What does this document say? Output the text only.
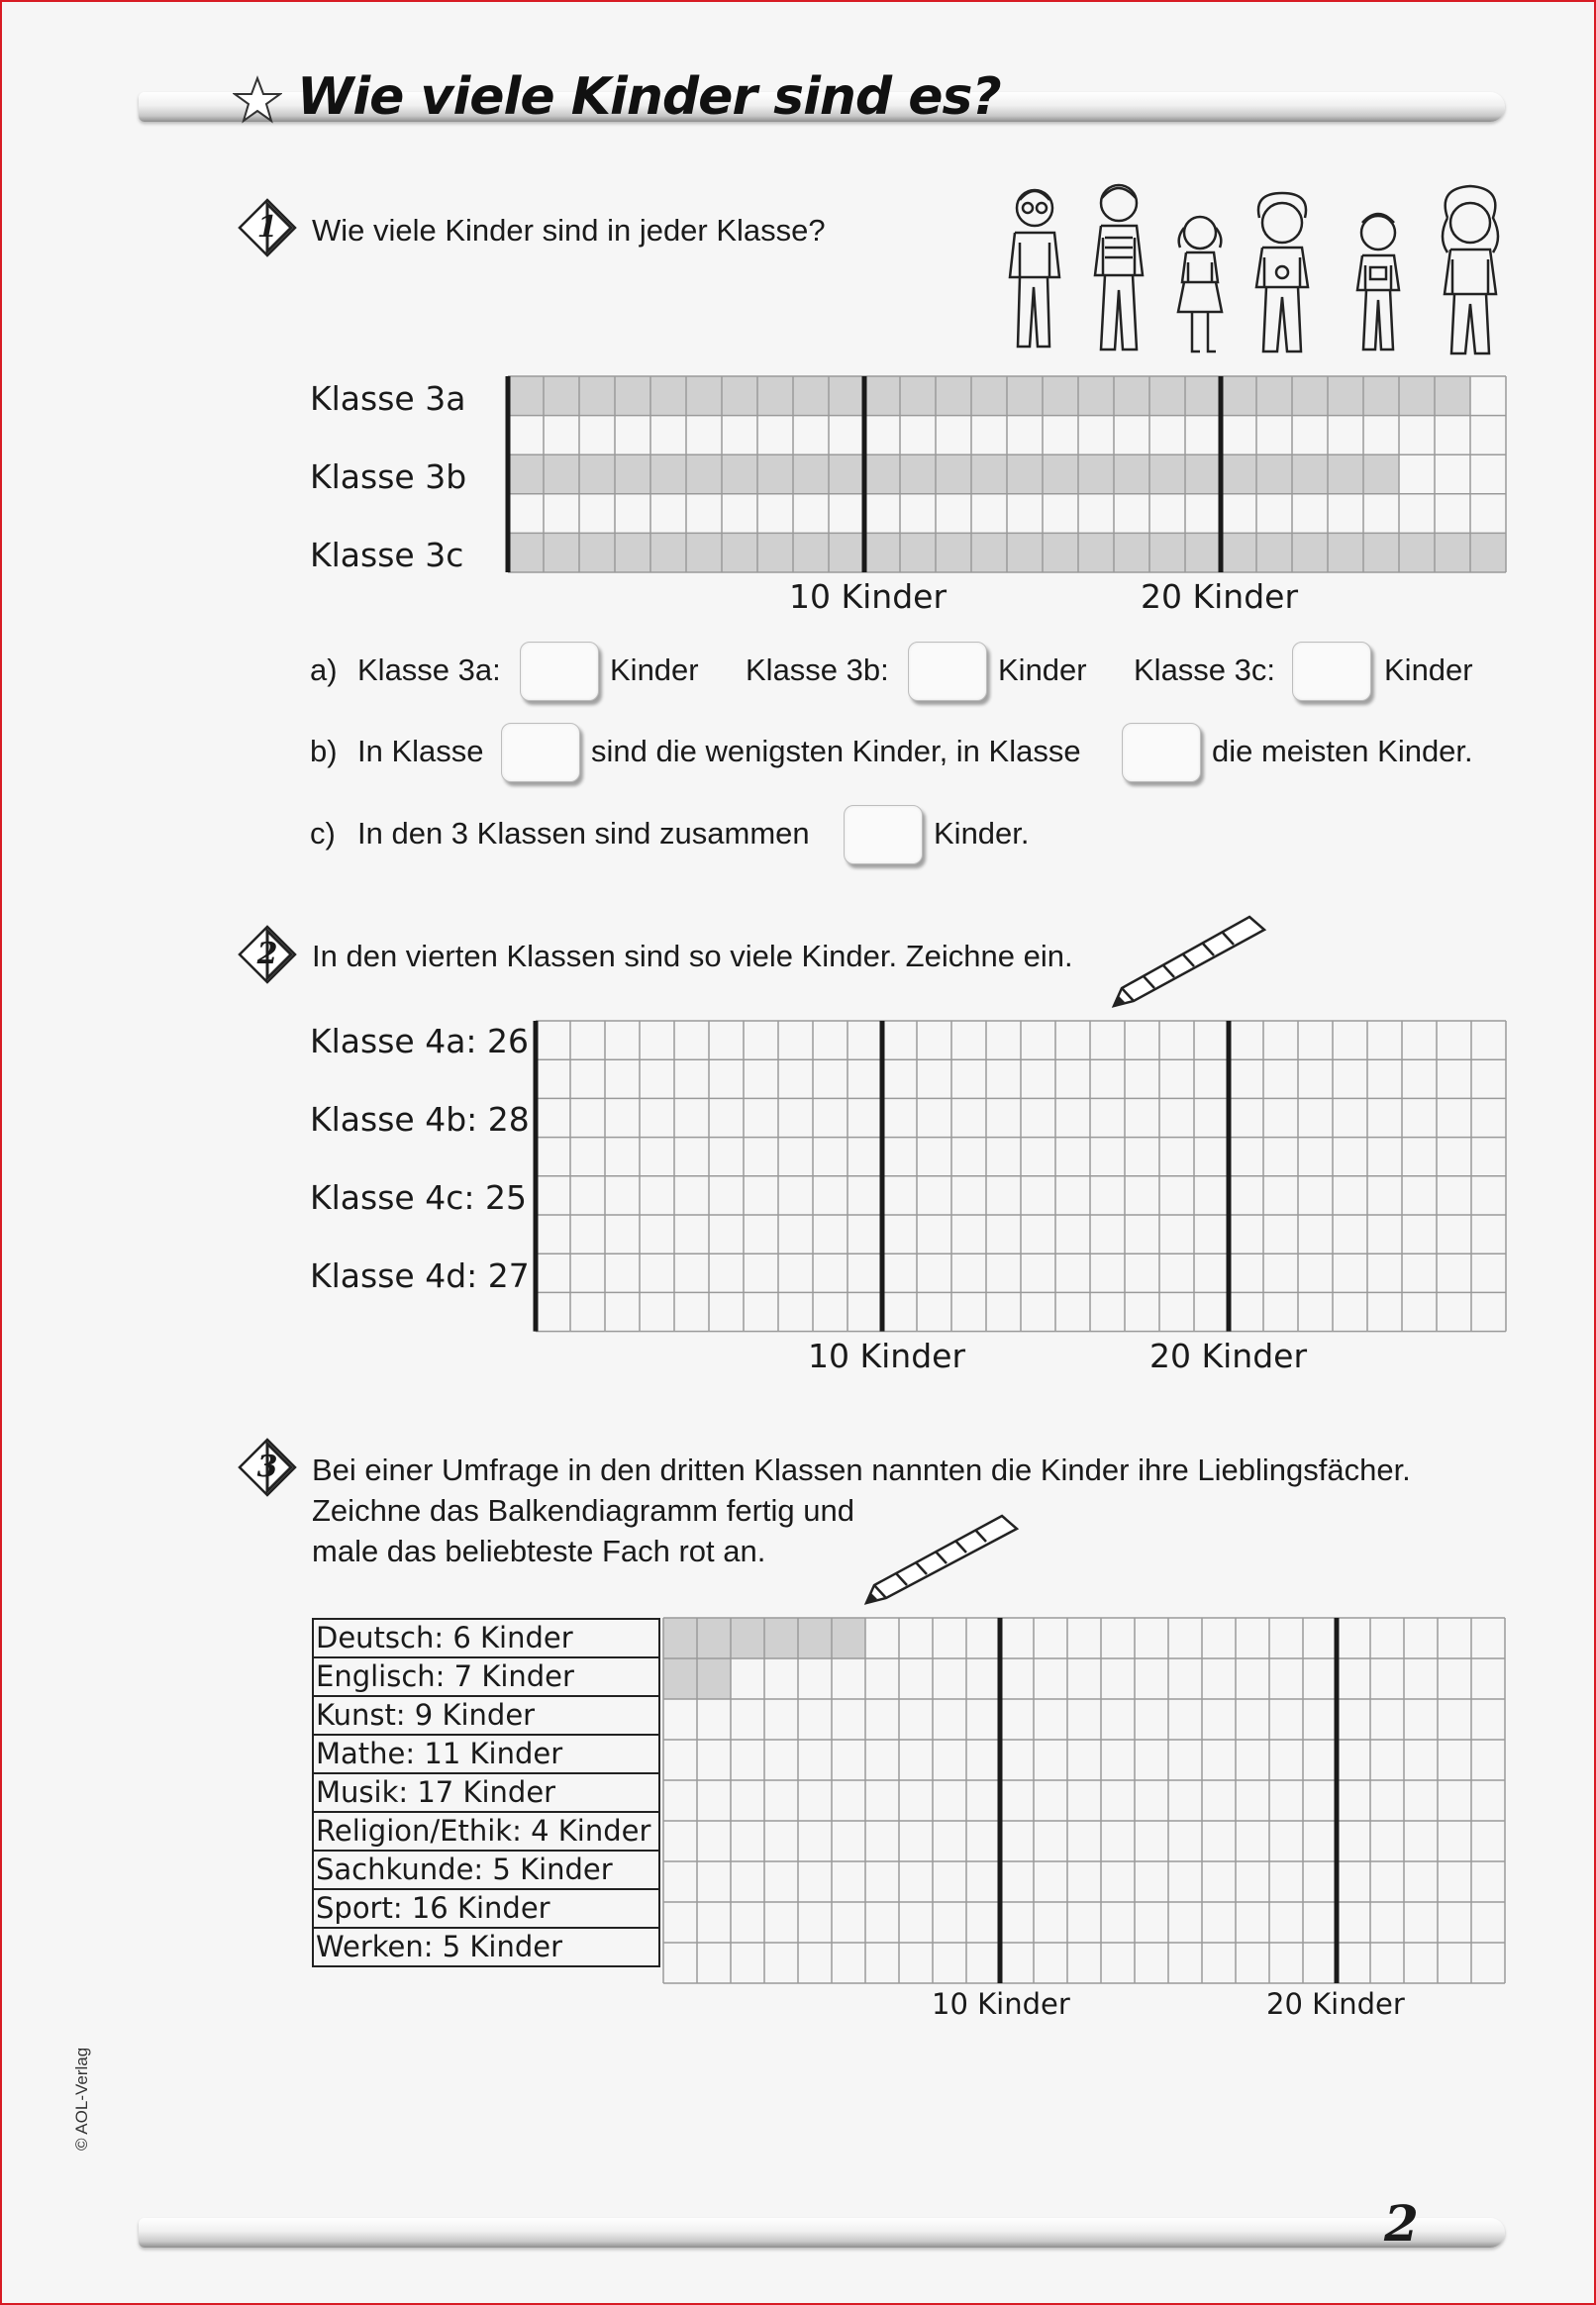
Wie viele Kinder sind es?
1	Wie viele Kinder sind in jeder Klasse?
Klasse 3a
Klasse 3b
Klasse 3c
10 Kinder	20 Kinder
a) Klasse 3a:	Kinder Klasse 3b:	Kinder Klasse 3c:	Kinder
b) In Klasse	sind die wenigsten Kinder, in Klasse	die meisten Kinder.
c) In den 3 Klassen sind zusammen	Kinder.
2	In den vierten Klassen sind so viele Kinder. Zeichne ein.
Klasse 4a: 26
Klasse 4b: 28
Klasse 4c: 25
Klasse 4d: 27
10 Kinder	20 Kinder
3	Bei einer Umfrage in den dritten Klassen nannten die Kinder ihre Lieblingsfächer.
Zeichne das Balkendiagramm fertig und
male das beliebteste Fach rot an.
Deutsch: 6 Kinder
Englisch: 7 Kinder
Kunst: 9 Kinder
Mathe: 11 Kinder
Musik: 17 Kinder
Religion/Ethik: 4 Kinder
Sachkunde: 5 Kinder
Sport: 16 Kinder
Werken: 5 Kinder
10 Kinder	20 Kinder
© AOL-Verlag
2
